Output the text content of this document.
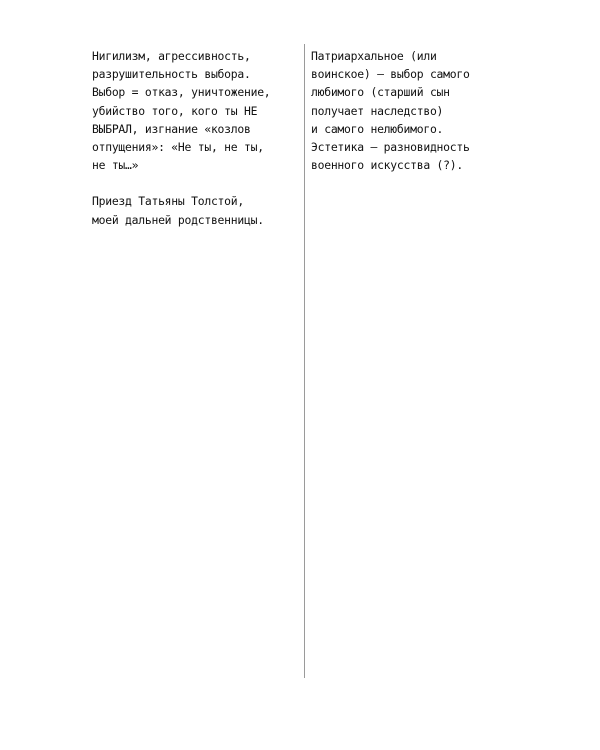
Нигилизм, агрессивность,
разрушительность выбора.
Выбор = отказ, уничтожение,
убийство того, кого ты НЕ
ВЫБРАЛ, изгнание «козлов
отпущения»: «Не ты, не ты,
не ты…»

Приезд Татьяны Толстой,
моей дальней родственницы.

Патриархальное (или
воинское) – выбор самого
любимого (старший сын
получает наследство)
и самого нелюбимого.
Эстетика – разновидность
военного искусства (?).
